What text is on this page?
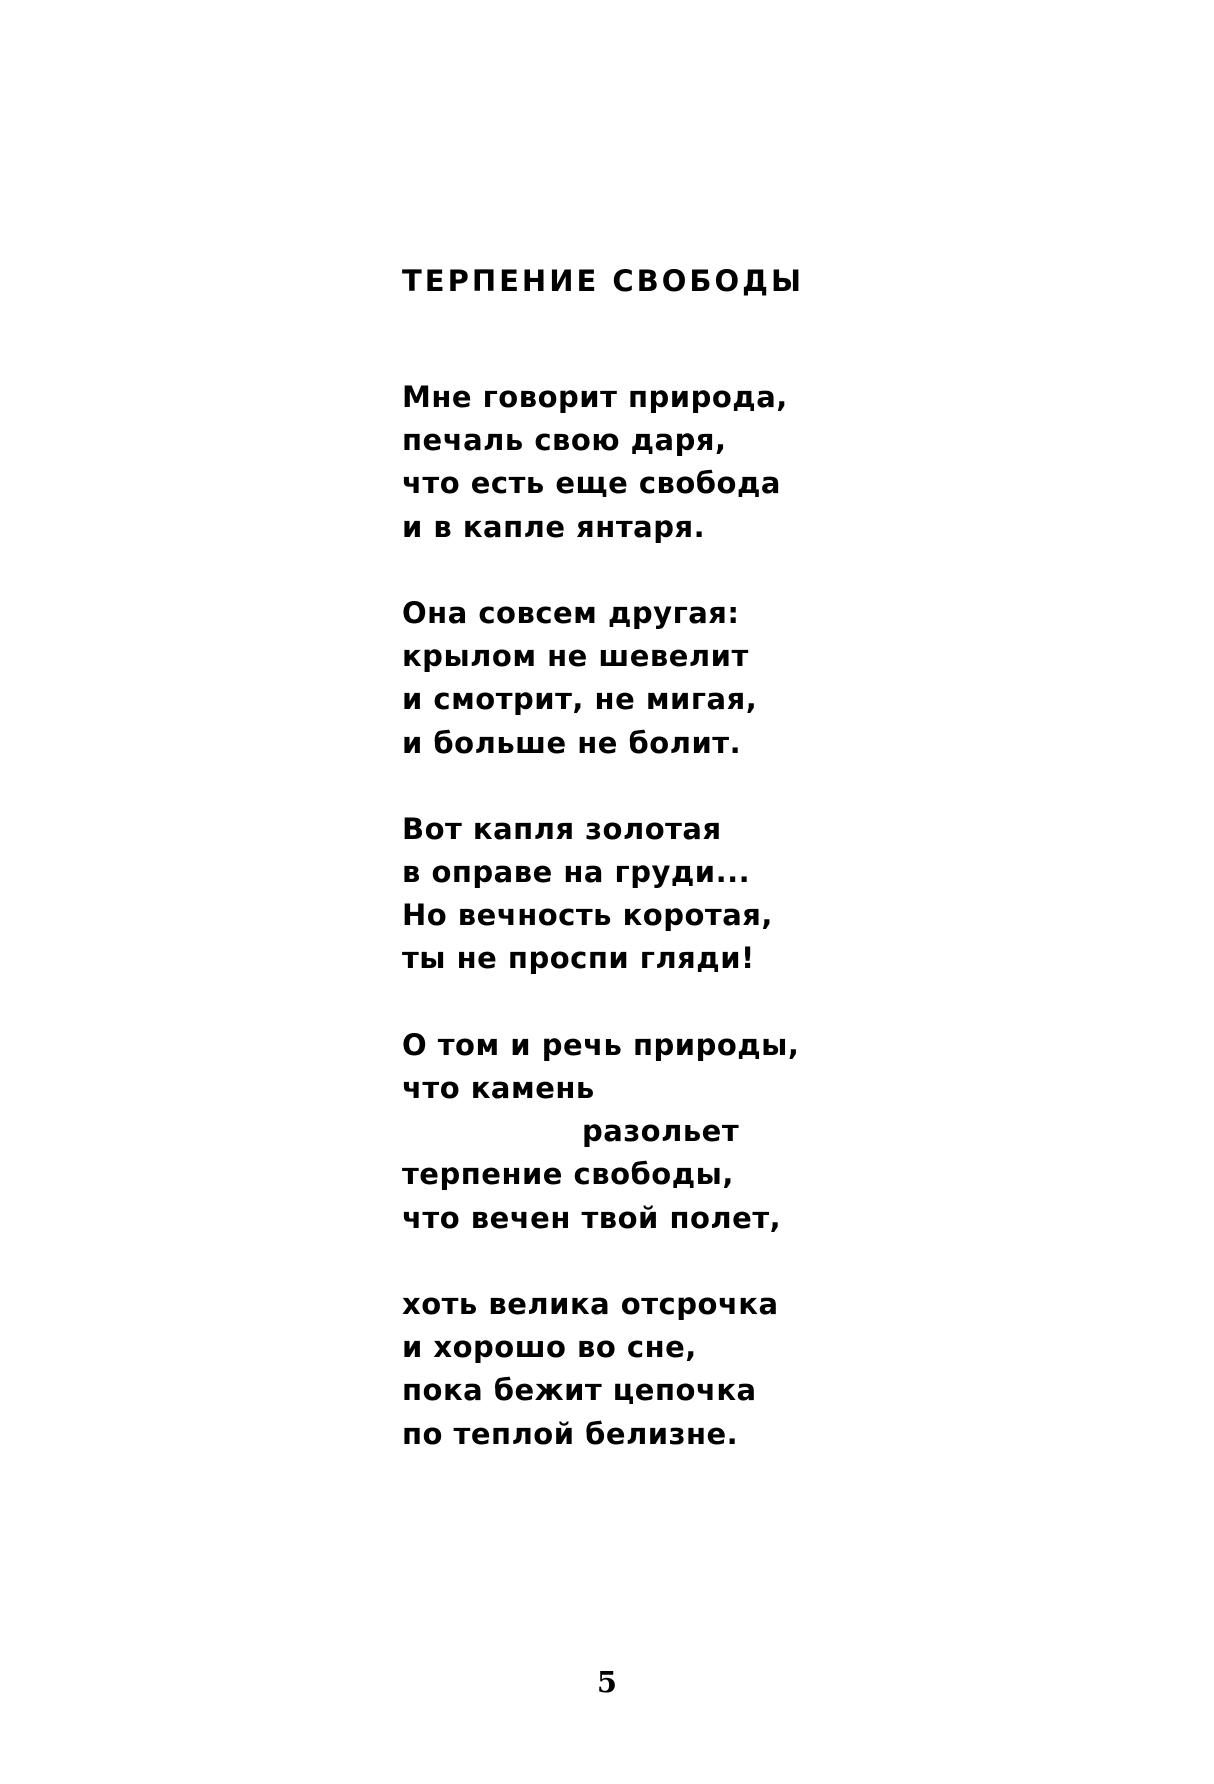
ТЕРПЕНИЕ СВОБОДЫ

Мне говорит природа,
печаль свою даря,
что есть еще свобода
и в капле янтаря.

Она совсем другая:
крылом не шевелит
и смотрит, не мигая,
и больше не болит.

Вот капля золотая
в оправе на груди...
Но вечность коротая,
ты не проспи гляди!

О том и речь природы,
что камень
разольет
терпение свободы,
что вечен твой полет,

хоть велика отсрочка
и хорошо во сне,
пока бежит цепочка
по теплой белизне.

5
